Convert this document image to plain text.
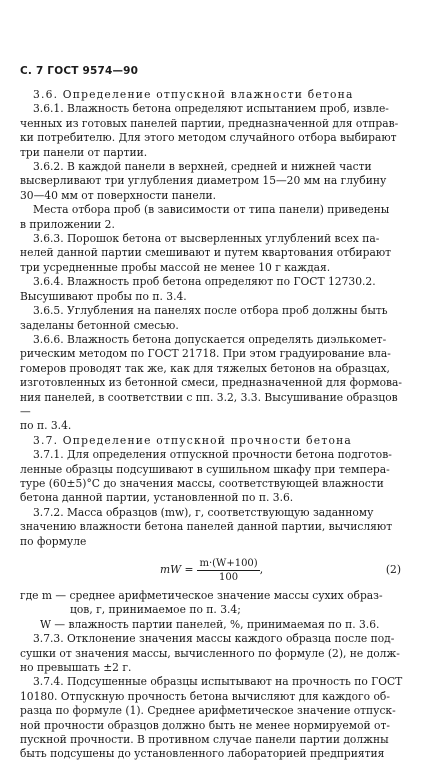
С. 7 ГОСТ 9574—90

3.6. Определение отпускной влажности бетона

3.6.1. Влажность бетона определяют испытанием проб, извле-

ченных из готовых панелей партии, предназначенной для отправ-

ки потребителю. Для этого методом случайного отбора выбирают

три панели от партии.

3.6.2. В каждой панели в верхней, средней и нижней части

высверливают три углубления диаметром 15—20 мм на глубину

30—40 мм от поверхности панели.

Места отбора проб (в зависимости от типа панели) приведены

в приложении 2.

3.6.3. Порошок бетона от высверленных углублений всех па-

нелей данной партии смешивают и путем квартования отбирают

три усредненные пробы массой не менее 10 г каждая.

3.6.4. Влажность проб бетона определяют по ГОСТ 12730.2.

Высушивают пробы по п. 3.4.

3.6.5. Углубления на панелях после отбора проб должны быть

заделаны бетонной смесью.

3.6.6. Влажность бетона допускается определять диэлькомет-

рическим методом по ГОСТ 21718. При этом градуирование вла-

гомеров проводят так же, как для тяжелых бетонов на образцах,

изготовленных из бетонной смеси, предназначенной для формова-

ния панелей, в соответствии с пп. 3.2, 3.3. Высушивание образцов —

по п. 3.4.

3.7. Определение отпускной прочности бетона

3.7.1. Для определения отпускной прочности бетона подготов-

ленные образцы подсушивают в сушильном шкафу при темпера-

туре (60±5)°С до значения массы, соответствующей влажности

бетона данной партии, установленной по п. 3.6.

3.7.2. Масса образцов (mw), г, соответствующую заданному

значению влажности бетона панелей данной партии, вычисляют

по формуле

mW = $\frac{m\cdot(W+100)}{100}$ ,	(2)

где m — среднее арифметическое значение массы сухих образ-

цов, г, принимаемое по п. 3.4;

W — влажность партии панелей, %, принимаемая по п. 3.6.

3.7.3. Отклонение значения массы каждого образца после под-

сушки от значения массы, вычисленного по формуле (2), не долж-

но превышать ±2 г.

3.7.4. Подсушенные образцы испытывают на прочность по ГОСТ

10180. Отпускную прочность бетона вычисляют для каждого об-

разца по формуле (1). Среднее арифметическое значение отпуск-

ной прочности образцов должно быть не менее нормируемой от-

пускной прочности. В противном случае панели партии должны

быть подсушены до установленного лабораторией предприятия
